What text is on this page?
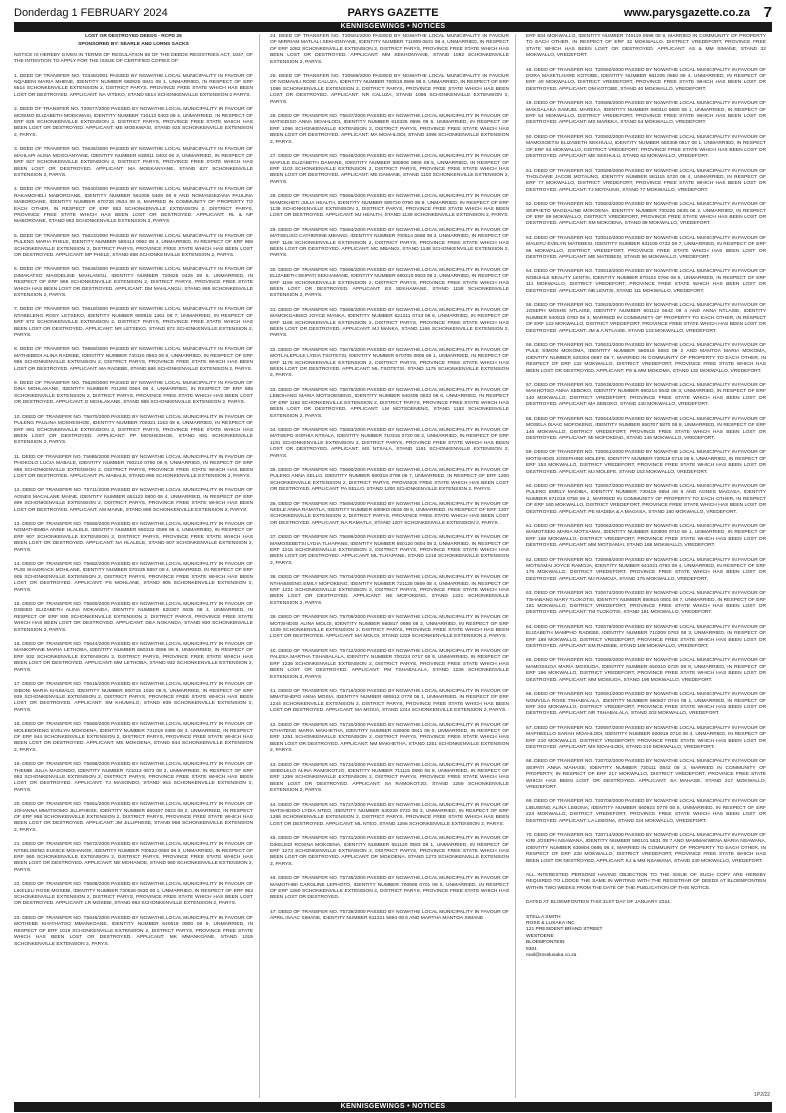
Donderdag 1 FEBRUARY 2024	PARYS GAZETTE	www.parysgazette.co.za 7
KENNISGEWINGS • NOTICES

LOST OR DESTROYED DEEDS - RCPD 25

SPONSORED BY: SEARLE AND LORNS SACKS

NOTICE IS HEREBY GIVEN IN TERMS OF REGULATION 68 OF THE DEEDS REGISTRIES ACT, 1937, OF THE INTENTION TO APPLY FOR THE ISSUE OF CERTIFIED COPIES OF:

1. DEED OF TRANSFER NO. T2348/2001 PASSED BY NGWATHE LOCAL MUNICIPALITY IN FAVOUR OF NQABENI MARIA MHENE, IDENTITY NUMBER 660825 0841 08 1, UNMARRIED, IN RESPECT OF ERF 6514 SCHONKENVILLE EXTENSION 2, DISTRICT PARYS, PROVINCE FREE STATE WHICH HAS BEEN LOST OR DESTROYED. APPLICANT: NA VITEKO, STAND 6514 SCHONKENVILLE EXTENSION 2 PARYS.

2. DEED OF TRANSFER NO. T20577/2000 PASSED BY NGWATHE LOCAL MUNICIPALITY IN FAVOUR OF MOSIMO ELIZABETH MOEKWASI, IDENTITY NUMBER 710113 0403 08 4, UNMARRIED, IN RESPECT OF ERF 825 SCHONKENVILLE EXTENSION 2, DISTRICT PARYS, PROVINCE FREE STATE WHICH HAS BEEN LOST OR DESTROYED. APPLICANT: ME MOEKWASI, STAND 825 SCHONKENVILLE EXTENSION 2, PARYS.

3. DEED OF TRANSFER NO. T5635/2000 PASSED BY NGWATHE LOCAL MUNICIPALITY IN FAVOUR OF MAHLAPI ALINA MOGOANYANE, IDENTITY NUMBER 630811 0403 08 3, UNMARRIED, IN RESPECT OF ERF 827 SCHONKENVILLE EXTENSION 2, DISTRICT PARYS, PROVINCE FREE STATE WHICH HAS BEEN LOST OR DESTROYED. APPLICANT: MA MOEKANYANE, STAND 827 SCHONKENVILLE EXTENSION 2, PARYS.

4. DEED OF TRANSFER NO. T5640/2000 PASSED BY NGWATHE LOCAL MUNICIPALITY IN FAVOUR OF RAKAMOHELI MABOROANE, IDENTITY NUMBER 561005 5409 08 6 AND NOMANGEZANA PAULINA MABOROANE, IDENTITY NUMBER 670728 0534 08 8, MARRIED IN COMMUNITY OF PROPERTY TO EACH OTHER, IN RESPECT OF ERF 853 SCHONKENVILLE EXTENSION 2, DISTRICT PARYS, PROVINCE FREE STATE WHICH HAS BEEN LOST OR DESTROYED. APPLICANT: RL & NP MABOROANE, STAND 853 SCHONKENVILLE EXTENSION 2, PARYS.

5. DEED OF TRANSFER NO. T5623/2000 PASSED BY NGWATHE LOCAL MUNICIPALITY IN FAVOUR OF PULENG MARIA PHELE, IDENTITY NUMBER 580414 0962 08 4, UNMARRIED, IN RESPECT OF ERF 868 SCHONKENVILLE EXTENSION 2, DISTRICT PARYS, PROVINCE FREE STATE WHICH HAS BEEN LOST OR DESTROYED. APPLICANT: MP PHELE, STAND 868 SCHONKENVILLE EXTENSION 2, PARYS.

6. DEED OF TRANSFER NO. T5646/2000 PASSED BY NGWATHE LOCAL MUNICIPALITY IN FAVOUR OF DIMAKATSO MAGDELINE MAHLANGU, IDENTITY NUMBER 720625 0425 08 5, UNMARRIED, IN RESPECT OF ERF 869 SCHONKENVILLE EXTENSION 2, DISTRICT PARYS, PROVINCE FREE STATE WHICH HAS BEEN LOST OR DESTROYED. APPLICANT: DM MAHLANGU, STAND 869 SCHONKENVILLE EXTENSION 2, PARYS.

7. DEED OF TRANSFER NO. T5618/2000 PASSED BY NGWATHE LOCAL MUNICIPALITY IN FAVOUR OF NTABELENG ROSY LETSEKO, IDENTITY NUMBER 680918 1361 08 7, UNMARRIED, IN RESPECT OF ERF 872 SCHONKENVILLE EXTENSION 2, DISTRICT PARYS, PROVINCE FREE STATE WHICH HAS BEEN LOST OR DESTROYED. APPLICANT: NR LETSEKO, STAND 872 SCHONKENVILLE EXTENSION 2, PARYS.

8. DEED OF TRANSFER NO. T6959/2000 PASSED BY NGWATHE LOCAL MUNICIPALITY IN FAVOUR OF MATHEBEDI ALINA RADEBE, IDENTITY NUMBER 740110 0553 08 6, UNMARRIED, IN RESPECT OF ERF 886 SCHONKENVILLE EXTENSION 2, DISTRICT PARYS, PROVINCE FREE STATE WHICH HAS BEEN LOST OR DESTROYED. APPLICANT: MA RADEBE, STAND 886 SCHONKENVILLE EXTENSION 2, PARYS.

9. DEED OF TRANSFER NO. T5629/2000 PASSED BY NGWATHE LOCAL MUNICIPALITY IN FAVOUR OF DINA MOHLAKANE, IDENTITY NUMBER 701208 0584 08 4, UNMARRIED, IN RESPECT OF ERF 889 SCHONKENVILLE EXTENSION 2, DISTRICT PARYS, PROVINCE FREE STATE WHICH HAS BEEN LOST OR DESTROYED. APPLICANT: D MOHLAKANE, STAND 889 SCHONKENVILLE EXTENSION 2, PARYS.

10. DEED OF TRANSFER NO. T5670/2000 PASSED BY NGWATHE LOCAL MUNICIPALITY IN FAVOUR OF PULENG PAULINA MOSHESHOE, IDENTITY NUMBER 700321 1153 08 6, UNMARRIED, IN RESPECT OF ERF 891 SCHONKENVILLE EXTENSION 2, DISTRICT PARYS, PROVINCE FREE STATE WHICH HAS BEEN LOST OR DESTROYED. APPLICANT: PP MOSHESHOE, STAND 891 SCHONKENVILLE EXTENSION 2, PARYS.

11. DEED OF TRANSFER NO. T5685/2000 PASSED BY NGWATHE LOCAL MUNICIPALITY IN FAVOUR OF PHOKOLO LUCIA MABALE, IDENTITY NUMBER 760210 0766 08 9, UNMARRIED, IN RESPECT OF ERF 895 SCHONKENVILLE EXTENSION 2, DISTRICT PARYS, PROVINCE FREE STATE WHICH HAS BEEN LOST OR DESTROYED. APPLICANT: PL MABALE, STAND 895 SCHONKENVILLE EXTENSION 2, PARYS.

12. DEED OF TRANSFER NO. T5711/2000 PASSED BY NGWATHE LOCAL MUNICIPALITY IN FAVOUR OF AGNES MACALANE MAINE, IDENTITY NUMBER 651122 0800 08 4, UNMARRIED, IN RESPECT OF ERF 899 SCHONKENVILLE EXTENSION 2, DISTRICT PARYS, PROVINCE FREE STATE WHICH HAS BEEN LOST OR DESTROYED. APPLICANT: AM MAINE, STAND 899 SCHONKENVILLE EXTENSION 2, PARYS.

13. DEED OF TRANSFER NO. T5550/2000 PASSED BY NGWATHE LOCAL MUNICIPALITY IN FAVOUR OF NOMATHEMBA ANNIE HLALELE, IDENTITY NUMBER 650222 0599 08 4, UNMARRIED, IN RESPECT OF ERF 907 SCHONKENVILLE EXTENSION 2, DISTRICT PARYS, PROVINCE FREE STATE WHICH HAS BEEN LOST OR DESTROYED. APPLICANT: NA HLALELE, STAND 907 SCHONKENVILLE EXTENSION 2, PARYS.

14. DEED OF TRANSFER NO. T5682/2000 PASSED BY NGWATHE LOCAL MUNICIPALITY IN FAVOUR OF PUSI SHADRACK MOHLANE, IDENTITY NUMBER 570225 5857 08 4, UNMARRIED, IN RESPECT OF ERF 905 SCHONKENVILLE EXTENSION 2, DISTRICT PARYS, PROVINCE FREE STATE WHICH HAS BEEN LOST OR DESTROYED. APPLICANT: PS MOHLANE, STAND 905 SCHONKENVILLE EXTENSION 2, PARYS.

15. DEED OF TRANSFER NO. T5600/2000 PASSED BY NGWATHE LOCAL MUNICIPALITY IN FAVOUR OF DISEBO ELIZABETH ALINA NOKANDA, IDENTITY NUMBER 620307 0635 08 4, UNMARRIED, IN RESPECT OF ERF 930 SCHONKENVILLE EXTENSION 2, DISTRICT PARYS, PROVINCE FREE STATE WHICH HAS BEEN LOST OR DESTROYED. APPLICANT: DEA NOKANDA, STAND 930 SCHONKENVILLE EXTENSION 2, PARYS.

16. DEED OF TRANSFER NO. T5644/2000 PASSED BY NGWATHE LOCAL MUNICIPALITY IN FAVOUR OF MANKOPANE MARIA LETHOBA, IDENTITY NUMBER 650319 0596 08 9, UNMARRIED, IN RESPECT OF ERF 932 SCHONKENVILLE EXTENSION 2, DISTRICT PARYS, PROVINCE FREE STATE WHICH HAS BEEN LOST OR DESTROYED. APPLICANT: MM LETHOBA, STAND 932 SCHONKENVILLE EXTENSION 2, PARYS.

17. DEED OF TRANSFER NO. T5615/2000 PASSED BY NGWATHE LOCAL MUNICIPALITY IN FAVOUR OF SIBONI MARIA KHUMALO, IDENTITY NUMBER 600716 1026 08 5, UNMARRIED, IN RESPECT OF ERF 939 SCHONKENVILLE EXTENSION 2, DISTRICT PARYS, PROVINCE FREE STATE WHICH HAS BEEN LOST OR DESTROYED. APPLICANT: SM KHUMALO, STAND 939 SCHONKENVILLE EXTENSION 2, PARYS.

18. DEED OF TRANSFER NO. T5650/2000 PASSED BY NGWATHE LOCAL MUNICIPALITY IN FAVOUR OF MOLEBOHENG EVELYN MOKOENA, IDENTITY NUMBER 731019 0489 08 3, UNMARRIED, IN RESPECT OF ERF 944 SCHONKENVILLE EXTENSION 2, DISTRICT PARYS, PROVINCE FREE STATE WHICH HAS BEEN LOST OR DESTROYED. APPLICANT: ME MOKOENA, STAND 944 SCHONKENVILLE EXTENSION 2, PARYS.

19. DEED OF TRANSFER NO. T5698/2000 PASSED BY NGWATHE LOCAL MUNICIPALITY IN FAVOUR OF THEMBI JULIA MASONDO, IDENTITY NUMBER 721013 0673 08 2, UNMARRIED, IN RESPECT OF ERF 953 SCHONKENVILLE EXTENSION 2, DISTRICT PARYS, PROVINCE FREE STATE WHICH HAS BEEN LOST OR DESTROYED. APPLICANT: TJ MASONDO, STAND 953 SCHONKENVILLE EXTENSION 2, PARYS.

20. DEED OF TRANSFER NO. T5661/2000 PASSED BY NGWATHE LOCAL MUNICIPALITY IN FAVOUR OF JOHANNA MMATSOMO JILLIPHESE, IDENTITY NUMBER 660407 0623 08 2, UNMARRIED, IN RESPECT OF ERF 958 SCHONKENVILLE EXTENSION 2, DISTRICT PARYS, PROVINCE FREE STATE WHICH HAS BEEN LOST OR DESTROYED. APPLICANT: JM JILLIPHESE, STAND 958 SCHONKENVILLE EXTENSION 2, PARYS.

21. DEED OF TRANSFER NO. T5672/2000 PASSED BY NGWATHE LOCAL MUNICIPALITY IN FAVOUR OF NTSELISENG EUNICE MOHANOE, IDENTITY NUMBER 700522 0650 08 3, UNMARRIED, IN RESPECT OF ERF 960 SCHONKENVILLE EXTENSION 2, DISTRICT PARYS, PROVINCE FREE STATE WHICH HAS BEEN LOST OR DESTROYED. APPLICANT: NE MOHANOE, STAND 960 SCHONKENVILLE EXTENSION 2, PARYS.

22. DEED OF TRANSFER NO. T5608/2000 PASSED BY NGWATHE LOCAL MUNICIPALITY IN FAVOUR OF LIKELELI ROSE MOSEBI, IDENTITY NUMBER 730526 0530 08 1, UNMARRIED, IN RESPECT OF ERF 963 SCHONKENVILLE EXTENSION 2, DISTRICT PARYS, PROVINCE FREE STATE WHICH HAS BEEN LOST OR DESTROYED. APPLICANT: LR MOSEBI, STAND 963 SCHONKENVILLE EXTENSION 2, PARYS.

23. DEED OF TRANSFER NO. T5645/2000 PASSED BY NGWATHE LOCAL MUNICIPALITY IN FAVOUR OF MOTHEBE KHATHATSO MMANKOANE, IDENTITY NUMBER 640519 0800 08 9, UNMARRIED, IN RESPECT OF ERF 1019 SCHONKENVILLE EXTENSION 2, DISTRICT PARYS, PROVINCE FREE STATE WHICH HAS BEEN LOST OR DESTROYED. APPLICANT: MK MMANKOANE, STAND 1019 SCHONKENVILLE EXTENSION 2, PARYS.

24. DEED OF TRANSFER NO. T20591/2000 PASSED BY NGWATHE LOCAL MUNICIPALITY IN FAVOUR OF MIRRIAM MATLALI SEKHONYANE, IDENTITY NUMBER 711009 0631 08 4, UNMARRIED, IN RESPECT OF ERF 1082 SCHONKENVILLE EXTENSION 2, DISTRICT PARYS, PROVINCE FREE STATE WHICH HAS BEEN LOST OR DESTROYED. APPLICANT: MM SEKHONYANE, STAND 1082 SCHONKENVILLE EXTENSION 2, PARYS.

25. DEED OF TRANSFER NO. T20586/2000 PASSED BY NGWATHE LOCAL MUNICIPALITY IN FAVOUR OF NOMAVILI ROSE CALUZA, IDENTITY NUMBER 700918 0596 08 0, UNMARRIED, IN RESPECT OF ERF 1086 SCHONKENVILLE EXTENSION 2, DISTRICT PARYS, PROVINCE FREE STATE WHICH HAS BEEN LOST OR DESTROYED. APPLICANT: NR CALUZA, STAND 1086 SCHONKENVILLE EXTENSION 2, PARYS.

26. DEED OF TRANSFER NO. T5637/2000 PASSED BY NGWATHE LOCAL MUNICIPALITY IN FAVOUR OF MATSIDISO ANNA MOAHLODI, IDENTITY NUMBER 610325 0596 08 5, UNMARRIED, IN RESPECT OF ERF 1096 SCHONKENVILLE EXTENSION 2, DISTRICT PARYS, PROVINCE FREE STATE WHICH HAS BEEN LOST OR DESTROYED. APPLICANT: MA MOAHLODI, STAND 1096 SCHONKENVILLE EXTENSION 2, PARYS.

27. DEED OF TRANSFER NO. T5648/2000 PASSED BY NGWATHE LOCAL MUNICIPALITY IN FAVOUR OF MAPULE ELIZABETH DAMANE, IDENTITY NUMBER 580906 0806 08 5, UNMARRIED, IN RESPECT OF ERF 1103 SCHONKENVILLE EXTENSION 2, DISTRICT PARYS, PROVINCE FREE STATE WHICH HAS BEEN LOST OR DESTROYED. APPLICANT: ME DAMANE, STAND 1103 SCHONKENVILLE EXTENSION 2, PARYS.

28. DEED OF TRANSFER NO. T5656/2000 PASSED BY NGWATHE LOCAL MUNICIPALITY IN FAVOUR OF MAMOKHETI JULIA HEALTH, IDENTITY NUMBER 680720 0790 08 9, UNMARRIED, IN RESPECT OF ERF 1139 SCHONKENVILLE EXTENSION 2, DISTRICT PARYS, PROVINCE FREE STATE WHICH HAS BEEN LOST OR DESTROYED. APPLICANT: MJ HEALTH, STAND 1139 SCHONKENVILLE EXTENSION 2, PARYS.

29. DEED OF TRANSFER NO. T5664/2000 PASSED BY NGWATHE LOCAL MUNICIPALITY IN FAVOUR OF MATSELISO CATHERINE MBANGI, IDENTITY NUMBER 700614 0668 08 3, UNMARRIED, IN RESPECT OF ERF 1148 SCHONKENVILLE EXTENSION 2, DISTRICT PARYS, PROVINCE FREE STATE WHICH HAS BEEN LOST OR DESTROYED. APPLICANT: MC MBANGI, STAND 1148 SCHONKENVILLE EXTENSION 2, PARYS.

30. DEED OF TRANSFER NO. T5666/2000 PASSED BY NGWATHE LOCAL MUNICIPALITY IN FAVOUR OF ELIZABETH SEIPATI SEKHAMANE, IDENTITY NUMBER 690210 0603 08 2, UNMARRIED, IN RESPECT OF ERF 1159 SCHONKENVILLE EXTENSION 2, DISTRICT PARYS, PROVINCE FREE STATE WHICH HAS BEEN LOST OR DESTROYED. APPLICANT: ES SEKHAMANE, STAND 1159 SCHONKENVILLE EXTENSION 2, PARYS.

31. DEED OF TRANSFER NO. T5669/2000 PASSED BY NGWATHE LOCAL MUNICIPALITY IN FAVOUR OF MAMOKGABISO JOYCE MANKA, IDENTITY NUMBER 621211 0713 08 6, UNMARRIED, IN RESPECT OF ERF 1166 SCHONKENVILLE EXTENSION 2, DISTRICT PARYS, PROVINCE FREE STATE WHICH HAS BEEN LOST OR DESTROYED. APPLICANT: MJ MANKA, STAND 1166 SCHONKENVILLE EXTENSION 2, PARYS.

32. DEED OF TRANSFER NO. T5676/2000 PASSED BY NGWATHE LOCAL MUNICIPALITY IN FAVOUR OF MOTLALEPULE LYDIA TSOTETSI, IDENTITY NUMBER 670705 0806 08 1, UNMARRIED, IN RESPECT OF ERF 1175 SCHONKENVILLE EXTENSION 2, DISTRICT PARYS, PROVINCE FREE STATE WHICH HAS BEEN LOST OR DESTROYED. APPLICANT: ML TSOTETSI, STAND 1175 SCHONKENVILLE EXTENSION 2, PARYS.

33. DEED OF TRANSFER NO. T5679/2000 PASSED BY NGWATHE LOCAL MUNICIPALITY IN FAVOUR OF LEBOHANG MARIA MOTSOENENG, IDENTITY NUMBER 640405 0833 08 6, UNMARRIED, IN RESPECT OF ERF 1182 SCHONKENVILLE EXTENSION 2, DISTRICT PARYS, PROVINCE FREE STATE WHICH HAS BEEN LOST OR DESTROYED. APPLICANT: LM MOTSOENENG, STAND 1182 SCHONKENVILLE EXTENSION 2, PARYS.

34. DEED OF TRANSFER NO. T5683/2000 PASSED BY NGWATHE LOCAL MUNICIPALITY IN FAVOUR OF MATSEPO SOPHIA NTSALA, IDENTITY NUMBER 710315 0720 08 2, UNMARRIED, IN RESPECT OF ERF 1191 SCHONKENVILLE EXTENSION 2, DISTRICT PARYS, PROVINCE FREE STATE WHICH HAS BEEN LOST OR DESTROYED. APPLICANT: MS NTSALA, STAND 1191 SCHONKENVILLE EXTENSION 2, PARYS.

35. DEED OF TRANSFER NO. T5690/2000 PASSED BY NGWATHE LOCAL MUNICIPALITY IN FAVOUR OF PULENG ANNA SELLO, IDENTITY NUMBER 680318 0798 08 7, UNMARRIED, IN RESPECT OF ERF 1200 SCHONKENVILLE EXTENSION 2, DISTRICT PARYS, PROVINCE FREE STATE WHICH HAS BEEN LOST OR DESTROYED. APPLICANT: PA SELLO, STAND 1200 SCHONKENVILLE EXTENSION 2, PARYS.

36. DEED OF TRANSFER NO. T5694/2000 PASSED BY NGWATHE LOCAL MUNICIPALITY IN FAVOUR OF NKELE ANNA RAMATLA, IDENTITY NUMBER 690903 0845 08 5, UNMARRIED, IN RESPECT OF ERF 1207 SCHONKENVILLE EXTENSION 2, DISTRICT PARYS, PROVINCE FREE STATE WHICH HAS BEEN LOST OR DESTROYED. APPLICANT: NA RAMATLA, STAND 1207 SCHONKENVILLE EXTENSION 2, PARYS.

37. DEED OF TRANSFER NO. T5699/2000 PASSED BY NGWATHE LOCAL MUNICIPALITY IN FAVOUR OF MAMOSEBETSI LYDIA TLHAPANE, IDENTITY NUMBER 650120 0604 08 3, UNMARRIED, IN RESPECT OF ERF 1215 SCHONKENVILLE EXTENSION 2, DISTRICT PARYS, PROVINCE FREE STATE WHICH HAS BEEN LOST OR DESTROYED. APPLICANT: ML TLHAPANE, STAND 1215 SCHONKENVILLE EXTENSION 2, PARYS.

38. DEED OF TRANSFER NO. T5704/2000 PASSED BY NGWATHE LOCAL MUNICIPALITY IN FAVOUR OF NTHABISENG EMILY MOFOKENG, IDENTITY NUMBER 721128 0569 08 4, UNMARRIED, IN RESPECT OF ERF 1221 SCHONKENVILLE EXTENSION 2, DISTRICT PARYS, PROVINCE FREE STATE WHICH HAS BEEN LOST OR DESTROYED. APPLICANT: NE MOFOKENG, STAND 1221 SCHONKENVILLE EXTENSION 2, PARYS.

39. DEED OF TRANSFER NO. T5708/2000 PASSED BY NGWATHE LOCAL MUNICIPALITY IN FAVOUR OF MOTSHIDISI ALINA MOLOI, IDENTITY NUMBER 660817 0698 08 2, UNMARRIED, IN RESPECT OF ERF 1229 SCHONKENVILLE EXTENSION 2, DISTRICT PARYS, PROVINCE FREE STATE WHICH HAS BEEN LOST OR DESTROYED. APPLICANT: MA MOLOI, STAND 1229 SCHONKENVILLE EXTENSION 2, PARYS.

40. DEED OF TRANSFER NO. T5712/2000 PASSED BY NGWATHE LOCAL MUNICIPALITY IN FAVOUR OF PALESA MARTHA TSHABALALA, IDENTITY NUMBER 700224 0717 08 9, UNMARRIED, IN RESPECT OF ERF 1236 SCHONKENVILLE EXTENSION 2, DISTRICT PARYS, PROVINCE FREE STATE WHICH HAS BEEN LOST OR DESTROYED. APPLICANT: PM TSHABALALA, STAND 1236 SCHONKENVILLE EXTENSION 2, PARYS.

41. DEED OF TRANSFER NO. T5716/2000 PASSED BY NGWATHE LOCAL MUNICIPALITY IN FAVOUR OF MMATSHEPO ANNA MOSIA, IDENTITY NUMBER 690512 0778 08 1, UNMARRIED, IN RESPECT OF ERF 1244 SCHONKENVILLE EXTENSION 2, DISTRICT PARYS, PROVINCE FREE STATE WHICH HAS BEEN LOST OR DESTROYED. APPLICANT: MA MOSIA, STAND 1244 SCHONKENVILLE EXTENSION 2, PARYS.

42. DEED OF TRANSFER NO. T5720/2000 PASSED BY NGWATHE LOCAL MUNICIPALITY IN FAVOUR OF NTHATENG MARIA MAKHETHA, IDENTITY NUMBER 630906 0841 08 0, UNMARRIED, IN RESPECT OF ERF 1251 SCHONKENVILLE EXTENSION 2, DISTRICT PARYS, PROVINCE FREE STATE WHICH HAS BEEN LOST OR DESTROYED. APPLICANT: NM MAKHETHA, STAND 1251 SCHONKENVILLE EXTENSION 2, PARYS.

43. DEED OF TRANSFER NO. T5724/2000 PASSED BY NGWATHE LOCAL MUNICIPALITY IN FAVOUR OF SEBOLELO ALINA RAMOKOTJO, IDENTITY NUMBER 711115 0680 08 6, UNMARRIED, IN RESPECT OF ERF 1259 SCHONKENVILLE EXTENSION 2, DISTRICT PARYS, PROVINCE FREE STATE WHICH HAS BEEN LOST OR DESTROYED. APPLICANT: SA RAMOKOTJO, STAND 1259 SCHONKENVILLE EXTENSION 2, PARYS.

44. DEED OF TRANSFER NO. T5727/2000 PASSED BY NGWATHE LOCAL MUNICIPALITY IN FAVOUR OF MATSHIDISO LYDIA NTEO, IDENTITY NUMBER 640228 0722 08 3, UNMARRIED, IN RESPECT OF ERF 1266 SCHONKENVILLE EXTENSION 2, DISTRICT PARYS, PROVINCE FREE STATE WHICH HAS BEEN LOST OR DESTROYED. APPLICANT: ML NTEO, STAND 1266 SCHONKENVILLE EXTENSION 2, PARYS.

45. DEED OF TRANSFER NO. T5731/2000 PASSED BY NGWATHE LOCAL MUNICIPALITY IN FAVOUR OF DIKELEDI ROSINA MOKOENA, IDENTITY NUMBER 651120 0593 08 1, UNMARRIED, IN RESPECT OF ERF 1273 SCHONKENVILLE EXTENSION 2, DISTRICT PARYS, PROVINCE FREE STATE WHICH HAS BEEN LOST OR DESTROYED. APPLICANT: DR MOKOENA, STAND 1273 SCHONKENVILLE EXTENSION 2, PARYS.

46. DEED OF TRANSFER NO. T5735/2000 PASSED BY NGWATHE LOCAL MUNICIPALITY IN FAVOUR OF MAMOTHIBI CAROLINE LEPHOTO, IDENTITY NUMBER 700908 0701 08 5, UNMARRIED, IN RESPECT OF ERF 1280 SCHONKENVILLE EXTENSION 2, DISTRICT PARYS, PROVINCE FREE STATE WHICH HAS BEEN LOST OR DESTROYED.

47. DEED OF TRANSFER NO. T5739/2000 PASSED BY NGWATHE LOCAL MUNICIPALITY IN FAVOUR OF APRIL ISAAC SIMANE, IDENTITY NUMBER 611221 5694 08 6 AND MARTHA MANTOA SIMANE

ERF 834 MOKWALLO, IDENTITY NUMBER 740119 0598 08 9, MARRIED IN COMMUNITY OF PROPERTY TO EACH OTHER, IN RESPECT OF ERF 32 MOKWALLO, DISTRICT VREDEFORT, PROVINCE FREE STATE WHICH HAS BEEN LOST OR DESTROYED. APPLICANT: AS & MM SIMANE, STAND 32 MOKWALLO, VREDEFORT.

48. DEED OF TRANSFER NO. T20560/2000 PASSED BY NGWATHE LOCAL MUNICIPALITY IN FAVOUR OF DORA MASETLHARE KOTOBE, IDENTITY NUMBER 681205 0850 08 4, UNMARRIED, IN RESPECT OF ERF 40 MOKWALLO, DISTRICT VREDEFORT, PROVINCE FREE STATE WHICH HAS BEEN LOST OR DESTROYED. APPLICANT: DM KOTOBE, STAND 40 MOKWALLO, VREDEFORT.

49. DEED OF TRANSFER NO. T20586/2000 PASSED BY NGWATHE LOCAL MUNICIPALITY IN FAVOUR OF MAKGALAKA SAMUEL MAREKA, IDENTITY NUMBER 590410 5690 08 1, UNMARRIED, IN RESPECT OF ERF 54 MOKWALLO, DISTRICT VREDEFORT, PROVINCE FREE STATE WHICH HAS BEEN LOST OR DESTROYED. APPLICANT: MS MAREKA, STAND 54 MOKWALLO, VREDEFORT.

50. DEED OF TRANSFER NO. T20592/2000 PASSED BY NGWATHE LOCAL MUNICIPALITY IN FAVOUR OF MAMOSOETSI ELIZABETH SEKHULU, IDENTITY NUMBER 650308 0817 08 1, UNMARRIED, IN RESPECT OF ERF 63 MOKWALLO, DISTRICT VREDEFORT, PROVINCE FREE STATE WHICH HAS BEEN LOST OR DESTROYED. APPLICANT: ME SEKHULU, STAND 63 MOKWALLO, VREDEFORT.

51. DEED OF TRANSFER NO. T20599/2000 PASSED BY NGWATHE LOCAL MUNICIPALITY IN FAVOUR OF THOLOANE JACOB MOTAUNG, IDENTITY NUMBER 581115 5720 08 4, UNMARRIED, IN RESPECT OF ERF 77 MOKWALLO, DISTRICT VREDEFORT, PROVINCE FREE STATE WHICH HAS BEEN LOST OR DESTROYED. APPLICANT: TJ MOTAUNG, STAND 77 MOKWALLO, VREDEFORT.

52. DEED OF TRANSFER NO. T20603/2000 PASSED BY NGWATHE LOCAL MUNICIPALITY IN FAVOUR OF SEIPHETO MAGDALINE MOKOENA, IDENTITY NUMBER 700226 0635 08 2, UNMARRIED, IN RESPECT OF ERF 89 MOKWALLO, DISTRICT VREDEFORT, PROVINCE FREE STATE WHICH HAS BEEN LOST OR DESTROYED. APPLICANT: SM MOKOENA, STAND 89 MOKWALLO, VREDEFORT.

53. DEED OF TRANSFER NO. T20610/2000 PASSED BY NGWATHE LOCAL MUNICIPALITY IN FAVOUR OF MALEFU EVELYN MATEBESI, IDENTITY NUMBER 631109 0733 08 7, UNMARRIED, IN RESPECT OF ERF 96 MOKWALLO, DISTRICT VREDEFORT, PROVINCE FREE STATE WHICH HAS BEEN LOST OR DESTROYED. APPLICANT: ME MATEBESI, STAND 96 MOKWALLO, VREDEFORT.

54. DEED OF TRANSFER NO. T20618/2000 PASSED BY NGWATHE LOCAL MUNICIPALITY IN FAVOUR OF NOBUHLE BEAUTY LENTSI, IDENTITY NUMBER 670102 0766 08 5, UNMARRIED, IN RESPECT OF ERF 111 MOKWALLO, DISTRICT VREDEFORT, PROVINCE FREE STATE WHICH HAS BEEN LOST OR DESTROYED. APPLICANT: NB LENTSI, STAND 111 MOKWALLO, VREDEFORT.

55. DEED OF TRANSFER NO. T20625/2000 PASSED BY NGWATHE LOCAL MUNICIPALITY IN FAVOUR OF JOSEPH MOSHE NTLAISE, IDENTITY NUMBER 601112 5642 08 4 AND ANNA NTLAISE, IDENTITY NUMBER 640815 0783 08 3, MARRIED IN COMMUNITY OF PROPERTY TO EACH OTHER, IN RESPECT OF ERF 123 MOKWALLO, DISTRICT VREDEFORT, PROVINCE FREE STATE WHICH HAS BEEN LOST OR DESTROYED. APPLICANT: JM & A NTLAISE, STAND 123 MOKWALLO, VREDEFORT.

56. DEED OF TRANSFER NO. T20631/2000 PASSED BY NGWATHE LOCAL MUNICIPALITY IN FAVOUR OF PULE SIMON MOKOMA, IDENTITY NUMBER 580916 5583 08 2 AND MANTOA MARIA MOKOMA, IDENTITY NUMBER 620304 0697 08 7, MARRIED IN COMMUNITY OF PROPERTY TO EACH OTHER, IN RESPECT OF ERF 132 MOKWALLO, DISTRICT VREDEFORT, PROVINCE FREE STATE WHICH HAS BEEN LOST OR DESTROYED. APPLICANT: PS & MM MOKOMA, STAND 132 MOKWALLO, VREDEFORT.

57. DEED OF TRANSFER NO. T20638/2000 PASSED BY NGWATHE LOCAL MUNICIPALITY IN FAVOUR OF MAKHOTSO ANNA SEBOKO, IDENTITY NUMBER 690214 0632 08 3, UNMARRIED, IN RESPECT OF ERF 140 MOKWALLO, DISTRICT VREDEFORT, PROVINCE FREE STATE WHICH HAS BEEN LOST OR DESTROYED. APPLICANT: MA SEBOKO, STAND 140 MOKWALLO, VREDEFORT.

58. DEED OF TRANSFER NO. T20644/2000 PASSED BY NGWATHE LOCAL MUNICIPALITY IN FAVOUR OF MOSELA ISAAC MOFOKENG, IDENTITY NUMBER 650707 5870 08 8, UNMARRIED, IN RESPECT OF ERF 146 MOKWALLO, DISTRICT VREDEFORT, PROVINCE FREE STATE WHICH HAS BEEN LOST OR DESTROYED. APPLICANT: MI MOFOKENG, STAND 146 MOKWALLO, VREDEFORT.

59. DEED OF TRANSFER NO. T20651/2000 PASSED BY NGWATHE LOCAL MUNICIPALITY IN FAVOUR OF MOTSHIDISI JOSEPHINE MOLEFE, IDENTITY NUMBER 720519 0716 08 5, UNMARRIED, IN RESPECT OF ERF 153 MOKWALLO, DISTRICT VREDEFORT, PROVINCE FREE STATE WHICH HAS BEEN LOST OR DESTROYED. APPLICANT: MJ MOLEFE, STAND 153 MOKWALLO, VREDEFORT.

60. DEED OF TRANSFER NO. T20657/2000 PASSED BY NGWATHE LOCAL MUNICIPALITY IN FAVOUR OF PULENG EMELY MADIBA, IDENTITY NUMBER 730419 0854 08 6 AND AGNES MAGASA, IDENTITY NUMBER 671019 0758 08 2, MARRIED IN COMMUNITY OF PROPERTY TO EACH OTHER, IN RESPECT OF ERF 160 MOKWALLO, DISTRICT VREDEFORT, PROVINCE FREE STATE WHICH HAS BEEN LOST OR DESTROYED. APPLICANT: PE MADIBA & A MAGASA, STAND 160 MOKWALLO, VREDEFORT.

61. DEED OF TRANSFER NO. T20663/2000 PASSED BY NGWATHE LOCAL MUNICIPALITY IN FAVOUR OF MAMOTSEKI MARIA MOTSAMAI, IDENTITY NUMBER 620909 0710 08 1, UNMARRIED, IN RESPECT OF ERF 168 MOKWALLO, DISTRICT VREDEFORT, PROVINCE FREE STATE WHICH HAS BEEN LOST OR DESTROYED. APPLICANT: MM MOTSAMAI, STAND 168 MOKWALLO, VREDEFORT.

62. DEED OF TRANSFER NO. T20668/2000 PASSED BY NGWATHE LOCAL MUNICIPALITY IN FAVOUR OF MOTSAMAI JOYCE RAMOJA, IDENTITY NUMBER 641021 0792 08 4, UNMARRIED, IN RESPECT OF ERF 175 MOKWALLO, DISTRICT VREDEFORT, PROVINCE FREE STATE WHICH HAS BEEN LOST OR DESTROYED. APPLICANT: MJ RAMOJA, STAND 175 MOKWALLO, VREDEFORT.

63. DEED OF TRANSFER NO. T20674/2000 PASSED BY NGWATHE LOCAL MUNICIPALITY IN FAVOUR OF TSHABANG MARY TLOKOTSI, IDENTITY NUMBER 680615 0801 08 7, UNMARRIED, IN RESPECT OF ERF 181 MOKWALLO, DISTRICT VREDEFORT, PROVINCE FREE STATE WHICH HAS BEEN LOST OR DESTROYED. APPLICANT: TM TLOKOTSI, STAND 181 MOKWALLO, VREDEFORT.

64. DEED OF TRANSFER NO. T20679/2000 PASSED BY NGWATHE LOCAL MUNICIPALITY IN FAVOUR OF ELIZABETH MAMPHO RADEBE, IDENTITY NUMBER 710209 0783 08 3, UNMARRIED, IN RESPECT OF ERF 188 MOKWALLO, DISTRICT VREDEFORT, PROVINCE FREE STATE WHICH HAS BEEN LOST OR DESTROYED. APPLICANT: EM RADEBE, STAND 188 MOKWALLO, VREDEFORT.

65. DEED OF TRANSFER NO. T20685/2000 PASSED BY NGWATHE LOCAL MUNICIPALITY IN FAVOUR OF MAMOSIUOA MARIA MOSIUOA, IDENTITY NUMBER 650310 0730 08 9, UNMARRIED, IN RESPECT OF ERF 196 MOKWALLO, DISTRICT VREDEFORT, PROVINCE FREE STATE WHICH HAS BEEN LOST OR DESTROYED. APPLICANT: MM MOSIUOA, STAND 196 MOKWALLO, VREDEFORT.

66. DEED OF TRANSFER NO. T20691/2000 PASSED BY NGWATHE LOCAL MUNICIPALITY IN FAVOUR OF NOMVULA ROSE TSHABALALA, IDENTITY NUMBER 690827 0744 08 1, UNMARRIED, IN RESPECT OF ERF 203 MOKWALLO, DISTRICT VREDEFORT, PROVINCE FREE STATE WHICH HAS BEEN LOST OR DESTROYED. APPLICANT: NR TSHABALALA, STAND 203 MOKWALLO, VREDEFORT.

67. DEED OF TRANSFER NO. T20697/2000 PASSED BY NGWATHE LOCAL MUNICIPALITY IN FAVOUR OF MAPHEELLO SARAH MOAHLODI, IDENTITY NUMBER 600619 0716 08 4, UNMARRIED, IN RESPECT OF ERF 210 MOKWALLO, DISTRICT VREDEFORT, PROVINCE FREE STATE WHICH HAS BEEN LOST OR DESTROYED. APPLICANT: MS MOAHLODI, STAND 210 MOKWALLO, VREDEFORT.

68. DEED OF TRANSFER NO. T20702/2000 PASSED BY NGWATHE LOCAL MUNICIPALITY IN FAVOUR OF SEIPATI ANNA MAHASE, IDENTITY NUMBER 720111 0842 08 2, MARRIED IN COMMUNITY OF PROPERTY, IN RESPECT OF ERF 217 MOKWALLO, DISTRICT VREDEFORT, PROVINCE FREE STATE WHICH HAS BEEN LOST OR DESTROYED. APPLICANT: SA MAHASE, STAND 217 MOKWALLO, VREDEFORT.

69. DEED OF TRANSFER NO. T20708/2000 PASSED BY NGWATHE LOCAL MUNICIPALITY IN FAVOUR OF LIBUSENG ALINA LEBONA, IDENTITY NUMBER 660923 0779 08 5, UNMARRIED, IN RESPECT OF ERF 224 MOKWALLO, DISTRICT VREDEFORT, PROVINCE FREE STATE WHICH HAS BEEN LOST OR DESTROYED. APPLICANT: LA LEBONA, STAND 224 MOKWALLO, VREDEFORT.

70. DEED OF TRANSFER NO. T20714/2000 PASSED BY NGWATHE LOCAL MUNICIPALITY IN FAVOUR OF KIRI JOSEPH NSAWANA, IDENTITY NUMBER 590101 5831 08 7 AND MAMMAKWENA MARIA NSAWANA, IDENTITY NUMBER 630904 0685 08 4, MARRIED IN COMMUNITY OF PROPERTY TO EACH OTHER, IN RESPECT OF ERF 230 MOKWALLO, DISTRICT VREDEFORT, PROVINCE FREE STATE WHICH HAS BEEN LOST OR DESTROYED. APPLICANT: KJ & MM NSAWANA, STAND 230 MOKWALLO, VREDEFORT.

ALL INTERESTED PERSONS HAVING OBJECTION TO THE ISSUE OF SUCH COPY ARE HEREBY REQUIRED TO LODGE THE SAME IN WRITING WITH THE REGISTRAR OF DEEDS AT BLOEMFONTEIN WITHIN TWO WEEKS FROM THE DATE OF THE PUBLICATION OF THIS NOTICE.

DATED AT BLOEMFONTEIN THIS 31ST DAY OF JANUARY 2024.

STELLA SMITH
ROSS & LUSAKA INC
121 PRESIDENT BRAND STREET
WESTDENE
BLOEMFONTEIN
9301
mail@rosslusaka.co.za
1P2/22
KENNISGEWINGS • NOTICES
